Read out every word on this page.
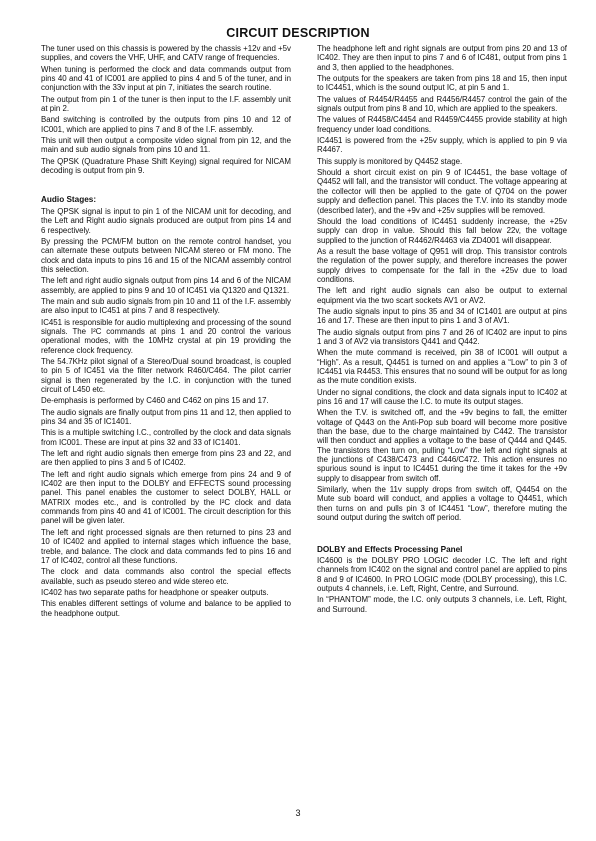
CIRCUIT DESCRIPTION

The tuner used on this chassis is powered by the chassis +12v and +5v supplies, and covers the VHF, UHF, and CATV range of frequencies.

When tuning is performed the clock and data commands output from pins 40 and 41 of IC001 are applied to pins 4 and 5 of the tuner, and in conjunction with the 33v input at pin 7, initiates the search routine.

The output from pin 1 of the tuner is then input to the I.F. assembly unit at pin 2.

Band switching is controlled by the outputs from pins 10 and 12 of IC001, which are applied to pins 7 and 8 of the I.F. assembly.

This unit will then output a composite video signal from pin 12, and the main and sub audio signals from pins 10 and 11.

The QPSK (Quadrature Phase Shift Keying) signal required for NICAM decoding is output from pin 9.

Audio Stages:

The QPSK signal is input to pin 1 of the NICAM unit for decoding, and the Left and Right audio signals produced are output from pins 14 and 6 respectively.

By pressing the PCM/FM button on the remote control handset, you can alternate these outputs between NICAM stereo or FM mono. The clock and data inputs to pins 16 and 15 of the NICAM assembly control this selection.

The left and right audio signals output from pins 14 and 6 of the NICAM assembly, are applied to pins 9 and 10 of IC451 via Q1320 and Q1321.

The main and sub audio signals from pin 10 and 11 of the I.F. assembly are also input to IC451 at pins 7 and 8 respectively.

IC451 is responsible for audio multiplexing and processing of the sound signals. The I²C commands at pins 1 and 20 control the various operational modes, with the 10MHz crystal at pin 19 providing the reference clock frequency.

The 54.7KHz pilot signal of a Stereo/Dual sound broadcast, is coupled to pin 5 of IC451 via the filter network R460/C464. The pilot carrier signal is then regenerated by the I.C. in conjunction with the tuned circuit of L450 etc.

De-emphasis is performed by C460 and C462 on pins 15 and 17.

The audio signals are finally output from pins 11 and 12, then applied to pins 34 and 35 of IC1401.

This is a multiple switching I.C., controlled by the clock and data signals from IC001. These are input at pins 32 and 33 of IC1401.

The left and right audio signals then emerge from pins 23 and 22, and are then applied to pins 3 and 5 of IC402.

The left and right audio signals which emerge from pins 24 and 9 of IC402 are then input to the DOLBY and EFFECTS sound processing panel. This panel enables the customer to select DOLBY, HALL or MATRIX modes etc., and is controlled by the I²C clock and data commands from pins 40 and 41 of IC001. The circuit description for this panel will be given later.

The left and right processed signals are then returned to pins 23 and 10 of IC402 and applied to internal stages which influence the base, treble, and balance. The clock and data commands fed to pins 16 and 17 of IC402, control all these functions.

The clock and data commands also control the special effects available, such as pseudo stereo and wide stereo etc.

IC402 has two separate paths for headphone or speaker outputs.

This enables different settings of volume and balance to be applied to the headphone output.

The headphone left and right signals are output from pins 20 and 13 of IC402. They are then input to pins 7 and 6 of IC481, output from pins 1 and 3, then applied to the headphones.

The outputs for the speakers are taken from pins 18 and 15, then input to IC4451, which is the sound output IC, at pin 5 and 1.

The values of R4454/R4455 and R4456/R4457 control the gain of the signals output from pins 8 and 10, which are applied to the speakers.

The values of R4458/C4454 and R4459/C4455 provide stability at high frequency under load conditions.

IC4451 is powered from the +25v supply, which is applied to pin 9 via R4467.

This supply is monitored by Q4452 stage.

Should a short circuit exist on pin 9 of IC4451, the base voltage of Q4452 will fall, and the transistor will conduct. The voltage appearing at the collector will then be applied to the gate of Q704 on the power supply and deflection panel. This places the T.V. into its standby mode (described later), and the +9v and +25v supplies will be removed.

Should the load conditions of IC4451 suddenly increase, the +25v supply can drop in value. Should this fall below 22v, the voltage supplied to the junction of R4462/R4463 via ZD4001 will disappear.

As a result the base voltage of Q951 will drop. This transistor controls the regulation of the power supply, and therefore increases the power supply drives to compensate for the fall in the +25v due to load conditions.

The left and right audio signals can also be output to external equipment via the two scart sockets AV1 or AV2.

The audio signals input to pins 35 and 34 of IC1401 are output at pins 16 and 17. These are then input to pins 1 and 3 of AV1.

The audio signals output from pins 7 and 26 of IC402 are input to pins 1 and 3 of AV2 via transistors Q441 and Q442.

When the mute command is received, pin 38 of IC001 will output a “High”. As a result, Q4451 is turned on and applies a “Low” to pin 3 of IC4451 via R4453. This ensures that no sound will be output for as long as the mute condition exists.

Under no signal conditions, the clock and data signals input to IC402 at pins 16 and 17 will cause the I.C. to mute its output stages.

When the T.V. is switched off, and the +9v begins to fall, the emitter voltage of Q443 on the Anti-Pop sub board will become more positive than the base, due to the charge maintained by C442. The transistor will then conduct and applies a voltage to the base of Q444 and Q445. The transistors then turn on, pulling “Low” the left and right signals at the junctions of C438/C473 and C446/C472. This action ensures no spurious sound is input to IC4451 during the time it takes for the +9v supply to disappear from switch off.

Similarly, when the 11v supply drops from switch off, Q4454 on the Mute sub board will conduct, and applies a voltage to Q4451, which then turns on and pulls pin 3 of IC4451 “Low”, therefore muting the sound output during the switch off period.

DOLBY and Effects Processing Panel

IC4600 is the DOLBY PRO LOGIC decoder I.C. The left and right channels from IC402 on the signal and control panel are applied to pins 8 and 9 of IC4600. In PRO LOGIC mode (DOLBY processing), this I.C. outputs 4 channels, i.e. Left, Right, Centre, and Surround.

In “PHANTOM” mode, the I.C. only outputs 3 channels, i.e. Left, Right, and Surround.

3
